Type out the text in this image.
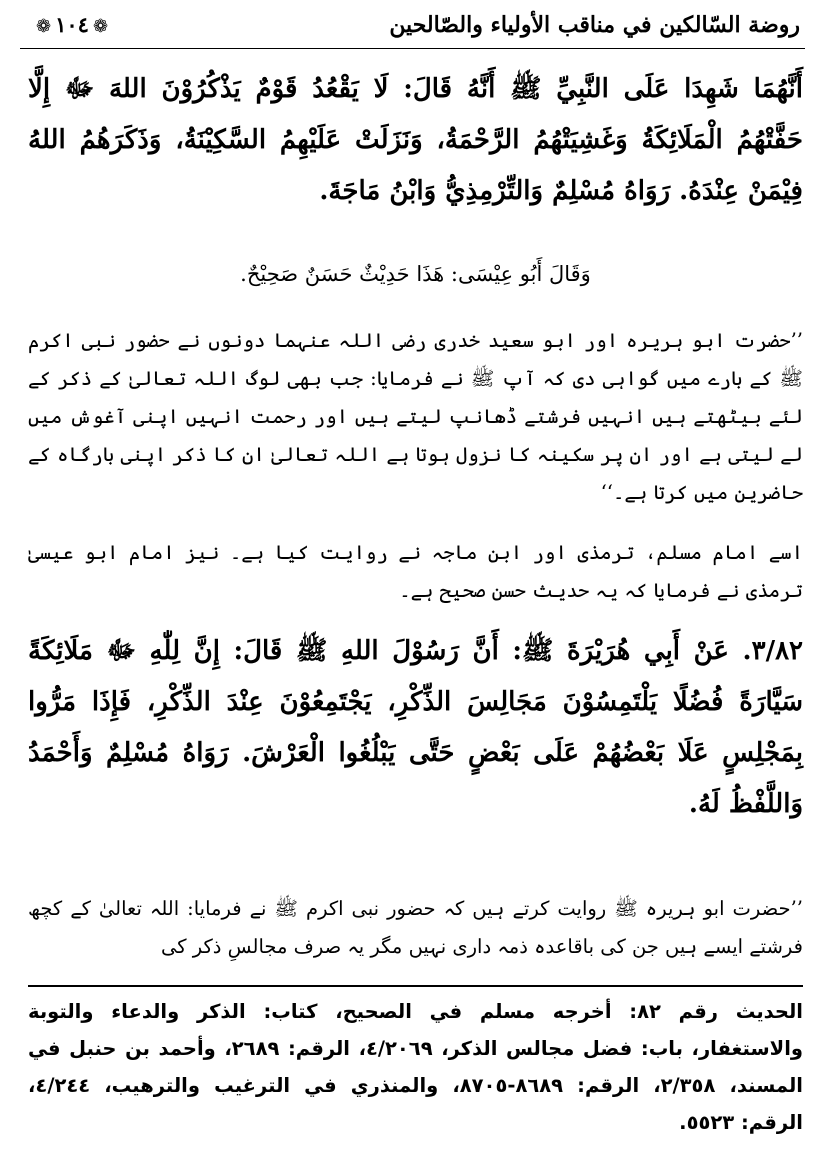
روضة السّالكين في مناقب الأولياء والصّالحين
❁١٠٤❁
أَنَّهُمَا شَهِدَا عَلَى النَّبِيِّ ﷺ أَنَّهُ قَالَ: لَا يَقْعُدُ قَوْمٌ يَذْكُرُوْنَ اللهَ ﷻ إِلَّا حَفَّتْهُمُ الْمَلَائِكَةُ وَغَشِيَتْهُمُ الرَّحْمَةُ، وَنَزَلَتْ عَلَيْهِمُ السَّكِيْنَةُ، وَذَكَرَهُمُ اللهُ فِيْمَنْ عِنْدَهُ. رَوَاهُ مُسْلِمٌ وَالتِّرْمِذِيُّ وَابْنُ مَاجَةَ.
وَقَالَ أَبُو عِيْسَى: هَذَا حَدِيْثٌ حَسَنٌ صَحِيْحٌ.
’’حضرت ابو ہریرہ اور ابو سعید خدری رضی اللہ عنہما دونوں نے حضور نبی اکرم ﷺ کے بارے میں گواہی دی کہ آپ ﷺ نے فرمایا: جب بھی لوگ اللہ تعالیٰ کے ذکر کے لئے بیٹھتے ہیں انہیں فرشتے ڈھانپ لیتے ہیں اور رحمت انہیں اپنی آغوش میں لے لیتی ہے اور ان پر سکینہ کا نزول ہوتا ہے اللہ تعالیٰ ان کا ذکر اپنی بارگاہ کے حاضرین میں کرتا ہے۔‘‘
اسے امام مسلم، ترمذی اور ابن ماجہ نے روایت کیا ہے۔ نیز امام ابو عیسیٰ ترمذی نے فرمایا کہ یہ حدیث حسن صحیح ہے۔
٣/٨٢. عَنْ أَبِي هُرَيْرَةَ ﷺ: أَنَّ رَسُوْلَ اللهِ ﷺ قَالَ: إِنَّ لِلّٰهِ ﷻ مَلَائِكَةً سَيَّارَةً فُضُلًا يَلْتَمِسُوْنَ مَجَالِسَ الذِّكْرِ، يَجْتَمِعُوْنَ عِنْدَ الذِّكْرِ، فَإِذَا مَرُّوا بِمَجْلِسٍ عَلَا بَعْضُهُمْ عَلَى بَعْضٍ حَتَّى يَبْلُغُوا الْعَرْشَ. رَوَاهُ مُسْلِمٌ وَأَحْمَدُ وَاللَّفْظُ لَهُ.
’’حضرت ابو ہریرہ ﷺ روایت کرتے ہیں کہ حضور نبی اکرم ﷺ نے فرمایا: اللہ تعالیٰ کے کچھ فرشتے ایسے ہیں جن کی باقاعدہ ذمہ داری نہیں مگر یہ صرف مجالسِ ذکر کی
الحديث رقم ٨٢: أخرجه مسلم في الصحيح، كتاب: الذكر والدعاء والتوبة والاستغفار، باب: فضل مجالس الذكر، ٤/٢٠٦٩، الرقم: ٢٦٨٩، وأحمد بن حنبل في المسند، ٢/٣٥٨، الرقم: ٨٦٨٩-٨٧٠٥، والمنذري في الترغيب والترهيب، ٤/٢٤٤، الرقم: ٥٥٢٣.
